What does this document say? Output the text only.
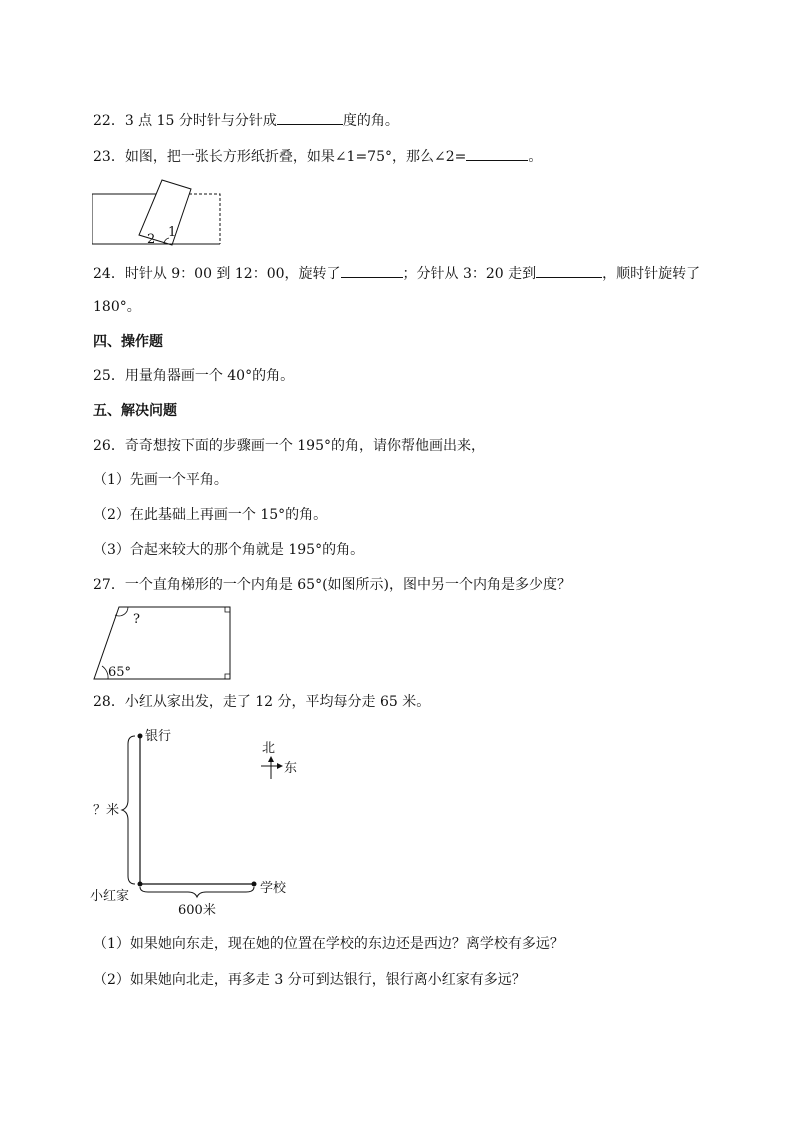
22．3 点 15 分时针与分针成	度的角。
23．如图，把一张长方形纸折叠，如果∠1=75°，那么∠2=	。
1
2
24．时针从 9：00 到 12：00，旋转了	；分针从 3：20 走到	，顺时针旋转了
180°。
四、操作题
25．用量角器画一个 40°的角。
五、解决问题
26．奇奇想按下面的步骤画一个 195°的角，请你帮他画出来，
（1）先画一个平角。
（2）在此基础上再画一个 15°的角。
（3）合起来较大的那个角就是 195°的角。
27．一个直角梯形的一个内角是 65°(如图所示)，图中另一个内角是多少度？
?
65°
28．小红从家出发，走了 12 分，平均每分走 65 米。
银行
？米
小红家
学校
600米
北
东
（1）如果她向东走，现在她的位置在学校的东边还是西边？离学校有多远？
（2）如果她向北走，再多走 3 分可到达银行，银行离小红家有多远？
